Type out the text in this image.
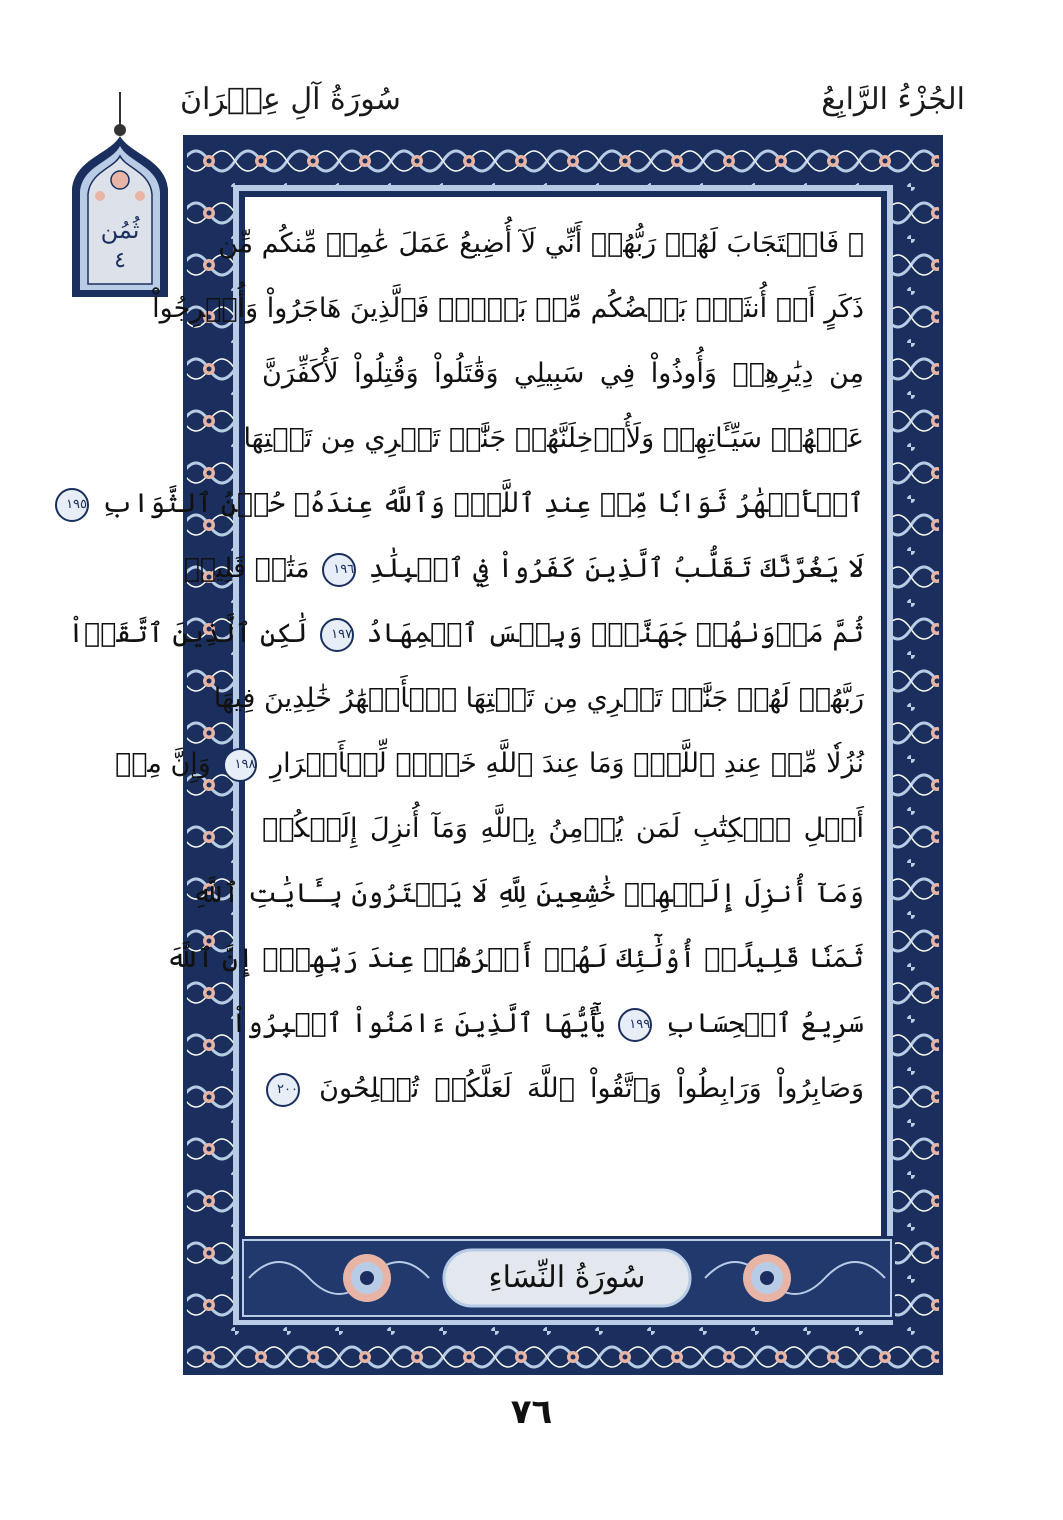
الجُزْءُ الرَّابِعُ
سُورَةُ آلِ عِمۡرَانَ
ثُمُن
٤
۞ فَاسۡتَجَابَ لَهُمۡ رَبُّهُمۡ أَنِّي لَآ أُضِيعُ عَمَلَ عَٰمِلٖ مِّنكُم مِّن
ذَكَرٍ أَوۡ أُنثَىٰۖ بَعۡضُكُم مِّنۢ بَعۡضٖۖ فَٱلَّذِينَ هَاجَرُواْ وَأُخۡرِجُواْ
مِن دِيَٰرِهِمۡ وَأُوذُواْ فِي سَبِيلِي وَقَٰتَلُواْ وَقُتِلُواْ لَأُكَفِّرَنَّ
عَنۡهُمۡ سَيِّـَٔاتِهِمۡ وَلَأُدۡخِلَنَّهُمۡ جَنَّٰتٖ تَجۡرِي مِن تَحۡتِهَا
ٱلۡأَنۡهَٰرُ ثَوَابٗا مِّنۡ عِندِ ٱللَّهِۚ وَٱللَّهُ عِندَهُۥ حُسۡنُ ٱلثَّوَابِ ١٩٥
لَا يَغُرَّنَّكَ تَقَلُّبُ ٱلَّذِينَ كَفَرُواْ فِي ٱلۡبِلَٰدِ ١٩٦ مَتَٰعٞ قَلِيلٞ
ثُمَّ مَأۡوَىٰهُمۡ جَهَنَّمُۖ وَبِئۡسَ ٱلۡمِهَادُ ١٩٧ لَٰكِنِ ٱلَّذِينَ ٱتَّقَوۡاْ
رَبَّهُمۡ لَهُمۡ جَنَّٰتٞ تَجۡرِي مِن تَحۡتِهَا ٱلۡأَنۡهَٰرُ خَٰلِدِينَ فِيهَا
نُزُلٗا مِّنۡ عِندِ ٱللَّهِۗ وَمَا عِندَ ٱللَّهِ خَيۡرٞ لِّلۡأَبۡرَارِ ١٩٨ وَإِنَّ مِنۡ
أَهۡلِ ٱلۡكِتَٰبِ لَمَن يُؤۡمِنُ بِٱللَّهِ وَمَآ أُنزِلَ إِلَيۡكُمۡ
وَمَآ أُنزِلَ إِلَيۡهِمۡ خَٰشِعِينَ لِلَّهِ لَا يَشۡتَرُونَ بِـَٔايَٰتِ ٱللَّهِ
ثَمَنٗا قَلِيلًاۚ أُوْلَٰٓئِكَ لَهُمۡ أَجۡرُهُمۡ عِندَ رَبِّهِمۡۗ إِنَّ ٱللَّهَ
سَرِيعُ ٱلۡحِسَابِ ١٩٩ يَٰٓأَيُّهَا ٱلَّذِينَ ءَامَنُواْ ٱصۡبِرُواْ
وَصَابِرُواْ وَرَابِطُواْ وَٱتَّقُواْ ٱللَّهَ لَعَلَّكُمۡ تُفۡلِحُونَ ٢٠٠
سُورَةُ النِّسَاءِ
٧٦
